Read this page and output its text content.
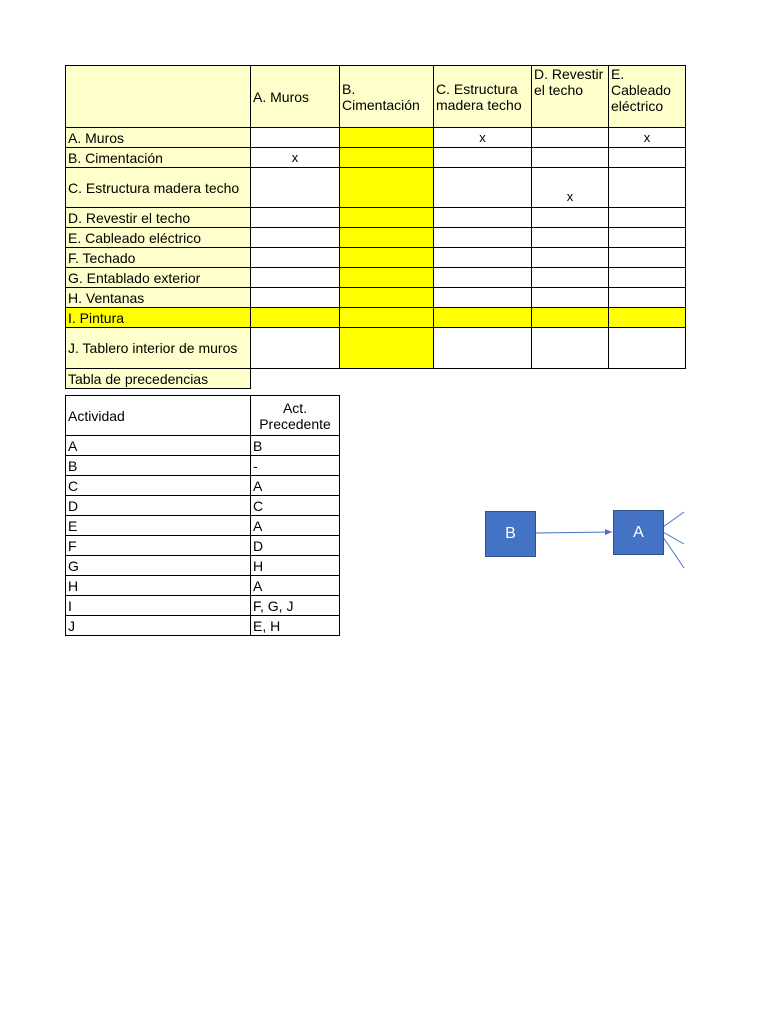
	A. Muros	B. Cimentación	C. Estructura madera techo	D. Revestir el techo	E. Cableado eléctrico
A. Muros			x		x
B. Cimentación	x				
C. Estructura madera techo				x	
D. Revestir el techo					
E. Cableado eléctrico					
F. Techado					
G. Entablado exterior					
H. Ventanas					
I. Pintura					
J. Tablero interior de muros					
Tabla de precedencias					
Actividad	Act. Precedente
A	B
B	-
C	A
D	C
E	A
F	D
G	H
H	A
I	F, G, J
J	E, H
B	A
